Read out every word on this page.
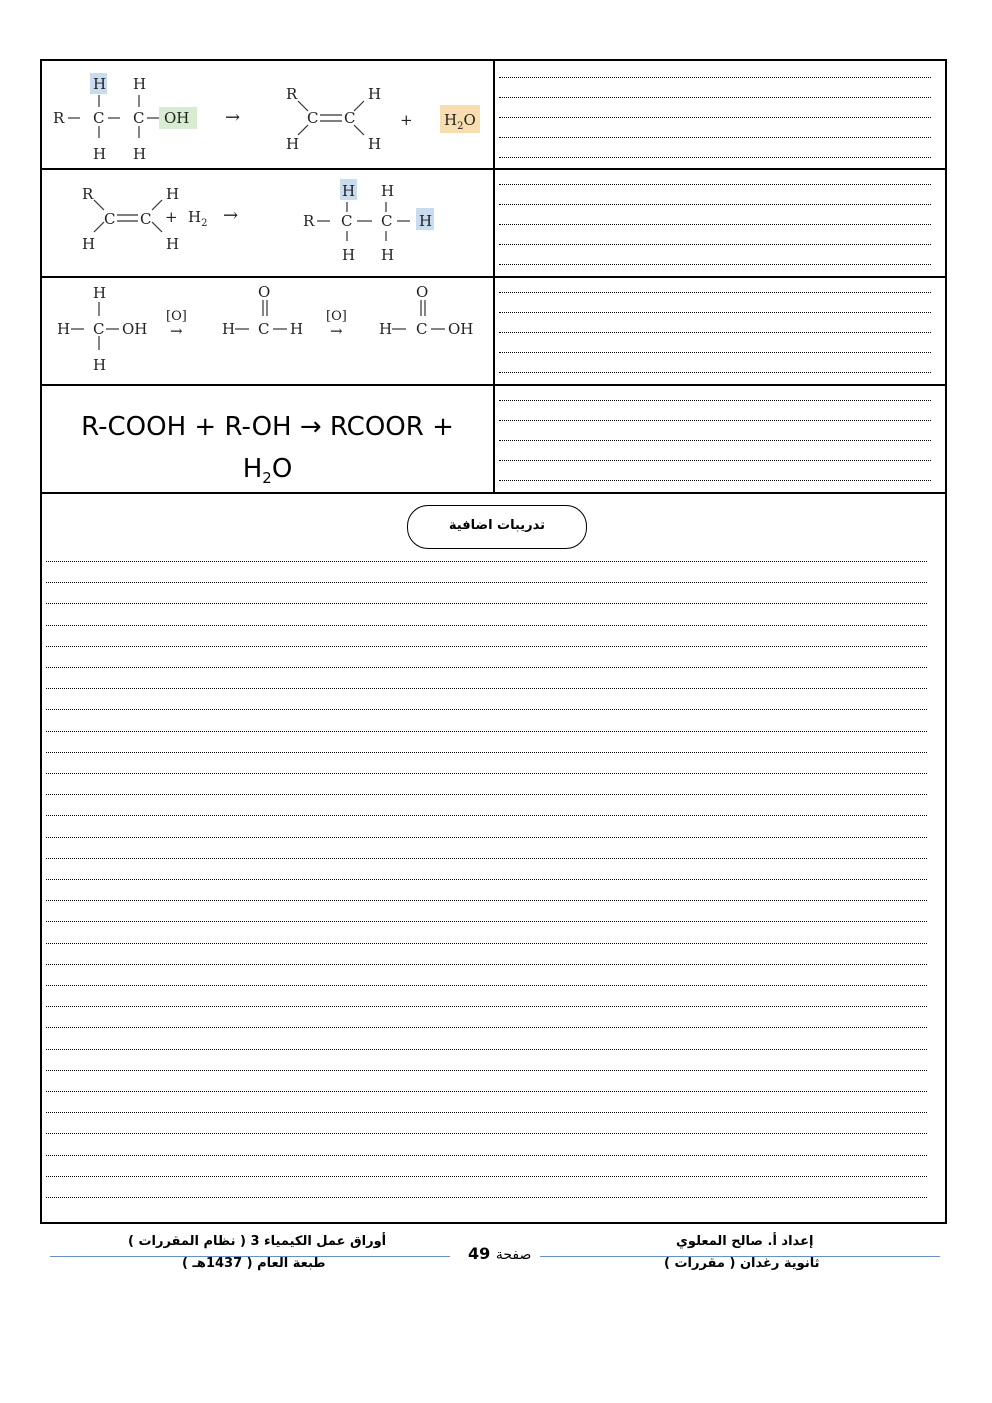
H H
R C C OH
H H
→
R
H
C C
H
H
+ $H_2O$
R
H
C C
H
H
+ $H_2$ →
H H
R C C H
H H
H
H C OH
H
[O]
→
O
H C H
[O]
→
O
H C OH
R-COOH + R-OH → RCOOR +
$H_2O$
تدريبات اضافية
أوراق عمل الكيمياء 3 ( نظام المقررات )
طبعة العام ( 1437هـ )
صفحة 49
إعداد أ. صالح المعلوي
ثانوية رغدان ( مقررات )
